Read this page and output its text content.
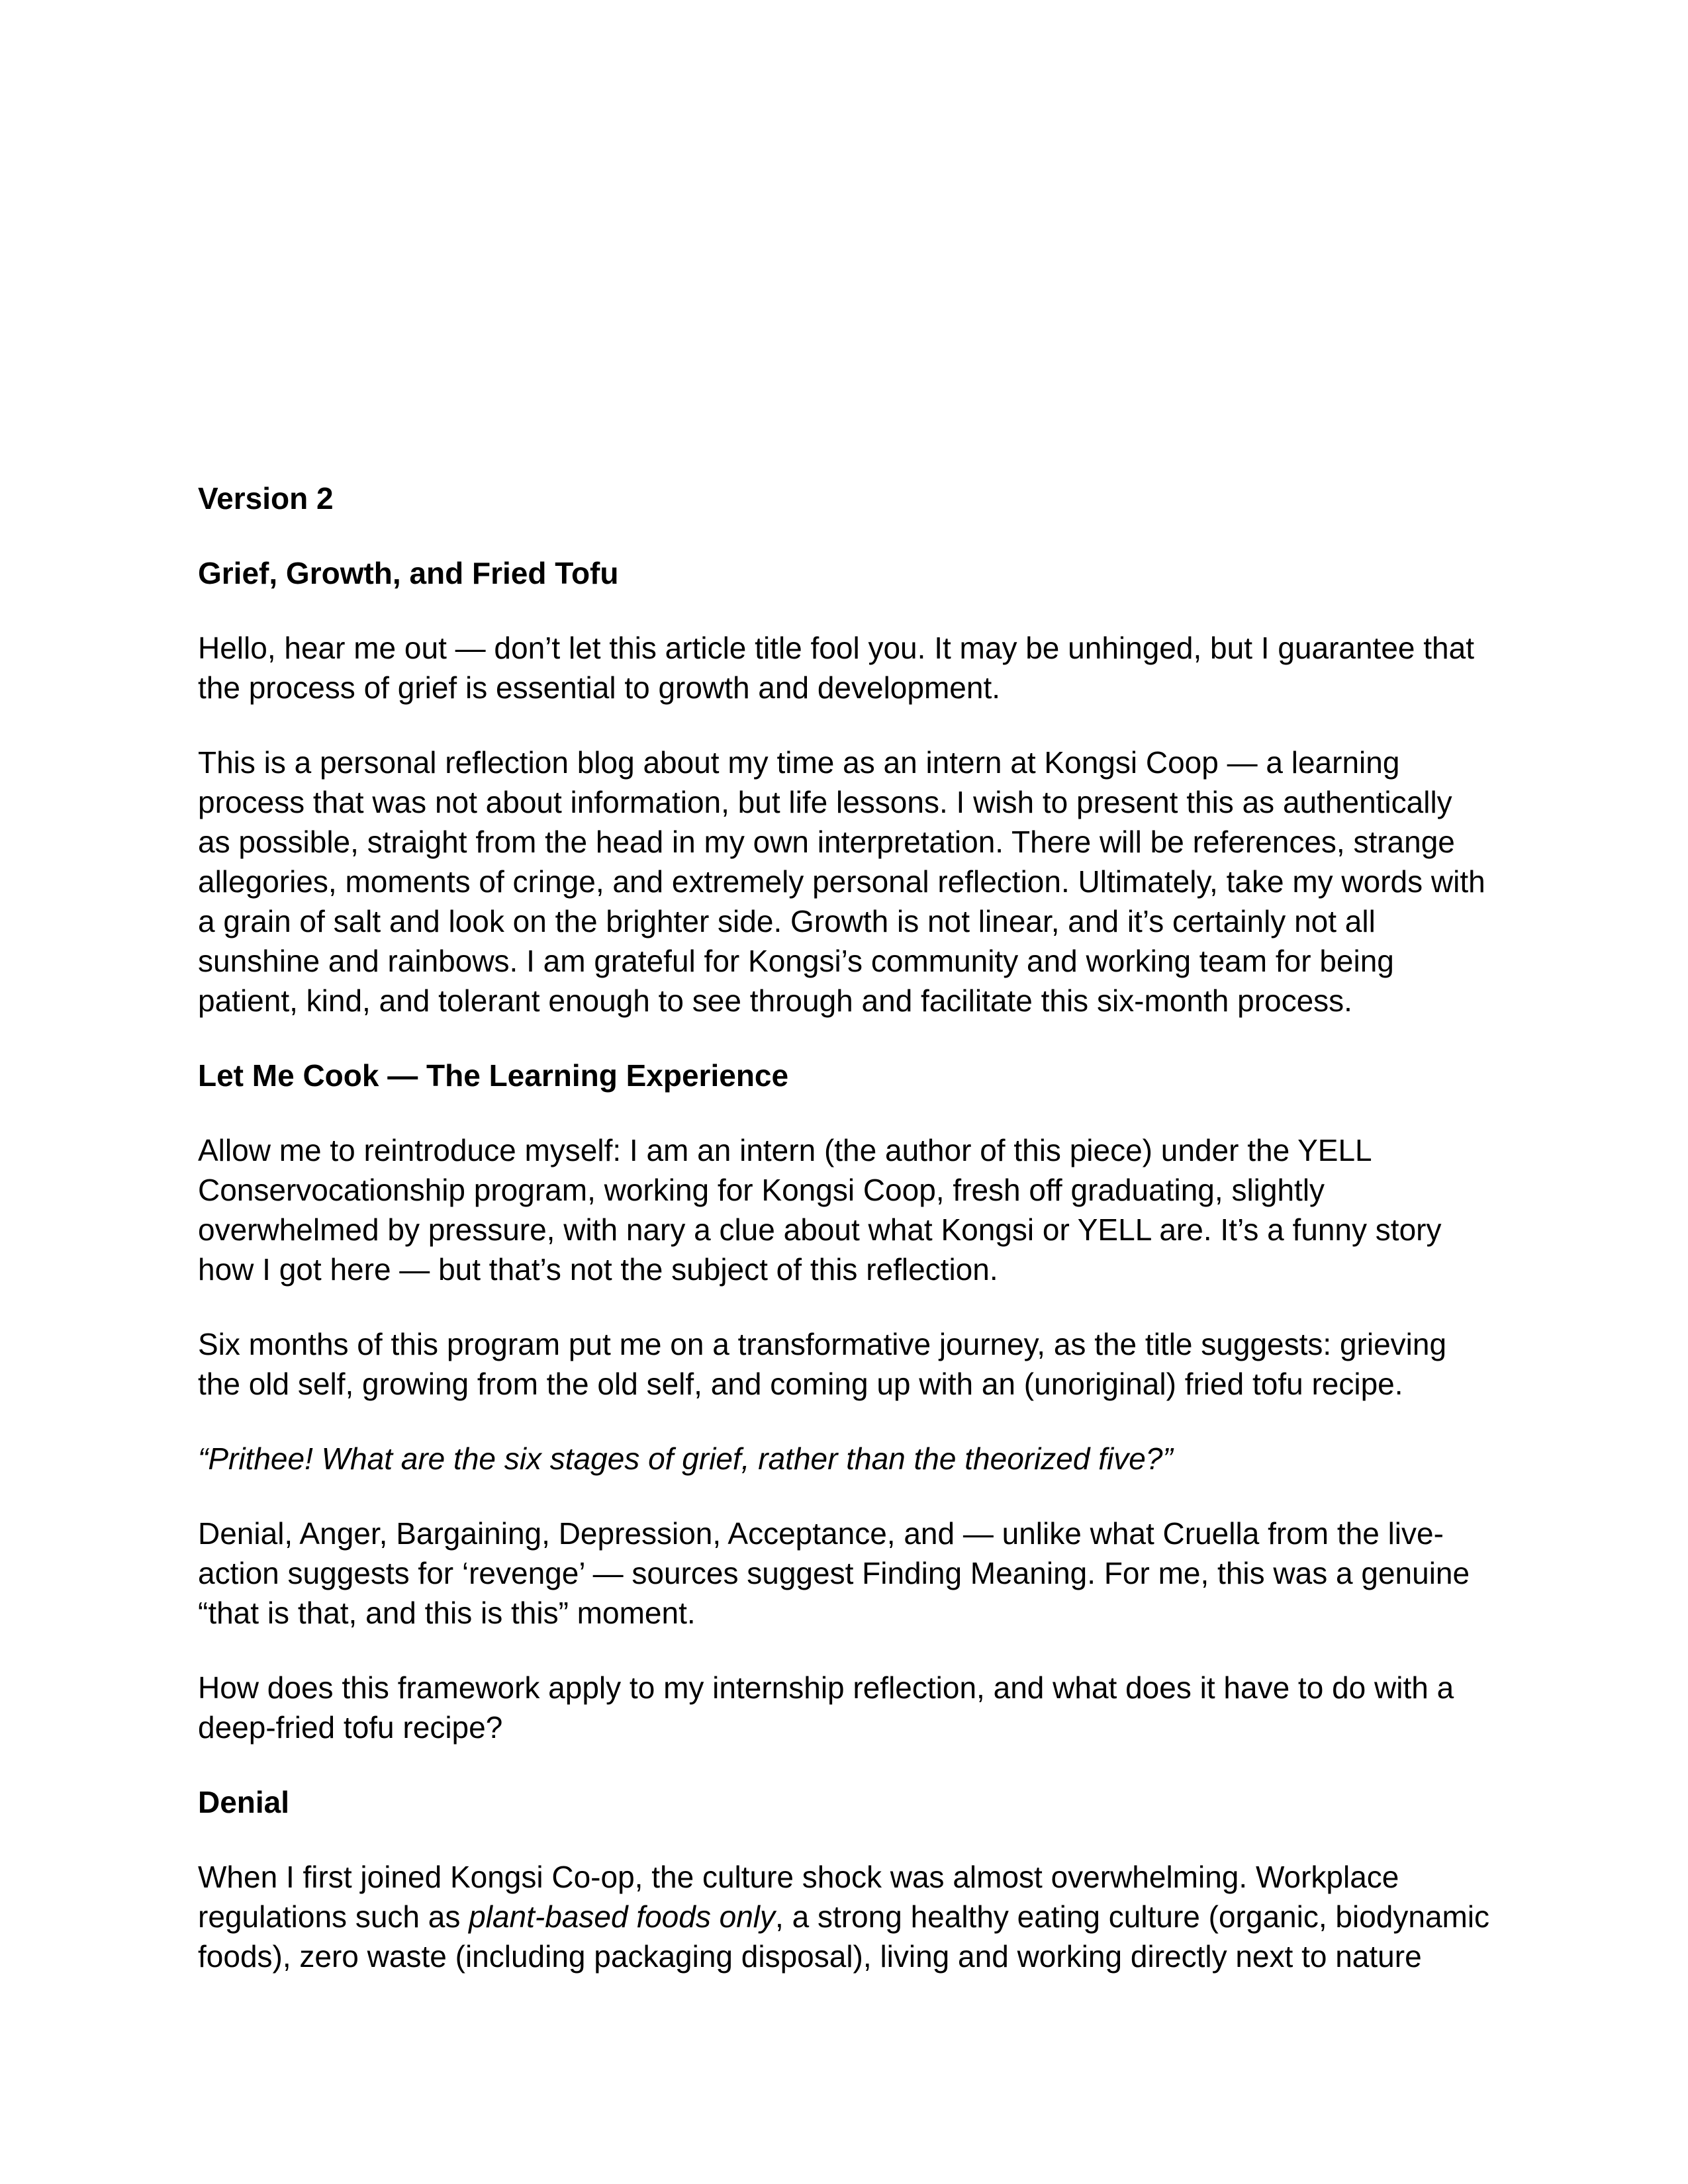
Version 2
Grief, Growth, and Fried Tofu

Hello, hear me out — don’t let this article title fool you. It may be unhinged, but I guarantee that the process of grief is essential to growth and development.

This is a personal reflection blog about my time as an intern at Kongsi Coop — a learning process that was not about information, but life lessons. I wish to present this as authentically as possible, straight from the head in my own interpretation. There will be references, strange allegories, moments of cringe, and extremely personal reflection. Ultimately, take my words with a grain of salt and look on the brighter side. Growth is not linear, and it’s certainly not all sunshine and rainbows. I am grateful for Kongsi’s community and working team for being patient, kind, and tolerant enough to see through and facilitate this six-month process.

Let Me Cook — The Learning Experience

Allow me to reintroduce myself: I am an intern (the author of this piece) under the YELL Conservocationship program, working for Kongsi Coop, fresh off graduating, slightly overwhelmed by pressure, with nary a clue about what Kongsi or YELL are. It’s a funny story how I got here — but that’s not the subject of this reflection.

Six months of this program put me on a transformative journey, as the title suggests: grieving the old self, growing from the old self, and coming up with an (unoriginal) fried tofu recipe.

“Prithee! What are the six stages of grief, rather than the theorized five?”

Denial, Anger, Bargaining, Depression, Acceptance, and — unlike what Cruella from the live-action suggests for ‘revenge’ — sources suggest Finding Meaning. For me, this was a genuine “that is that, and this is this” moment.

How does this framework apply to my internship reflection, and what does it have to do with a deep-fried tofu recipe?

Denial

When I first joined Kongsi Co-op, the culture shock was almost overwhelming. Workplace regulations such as plant-based foods only, a strong healthy eating culture (organic, biodynamic foods), zero waste (including packaging disposal), living and working directly next to nature
